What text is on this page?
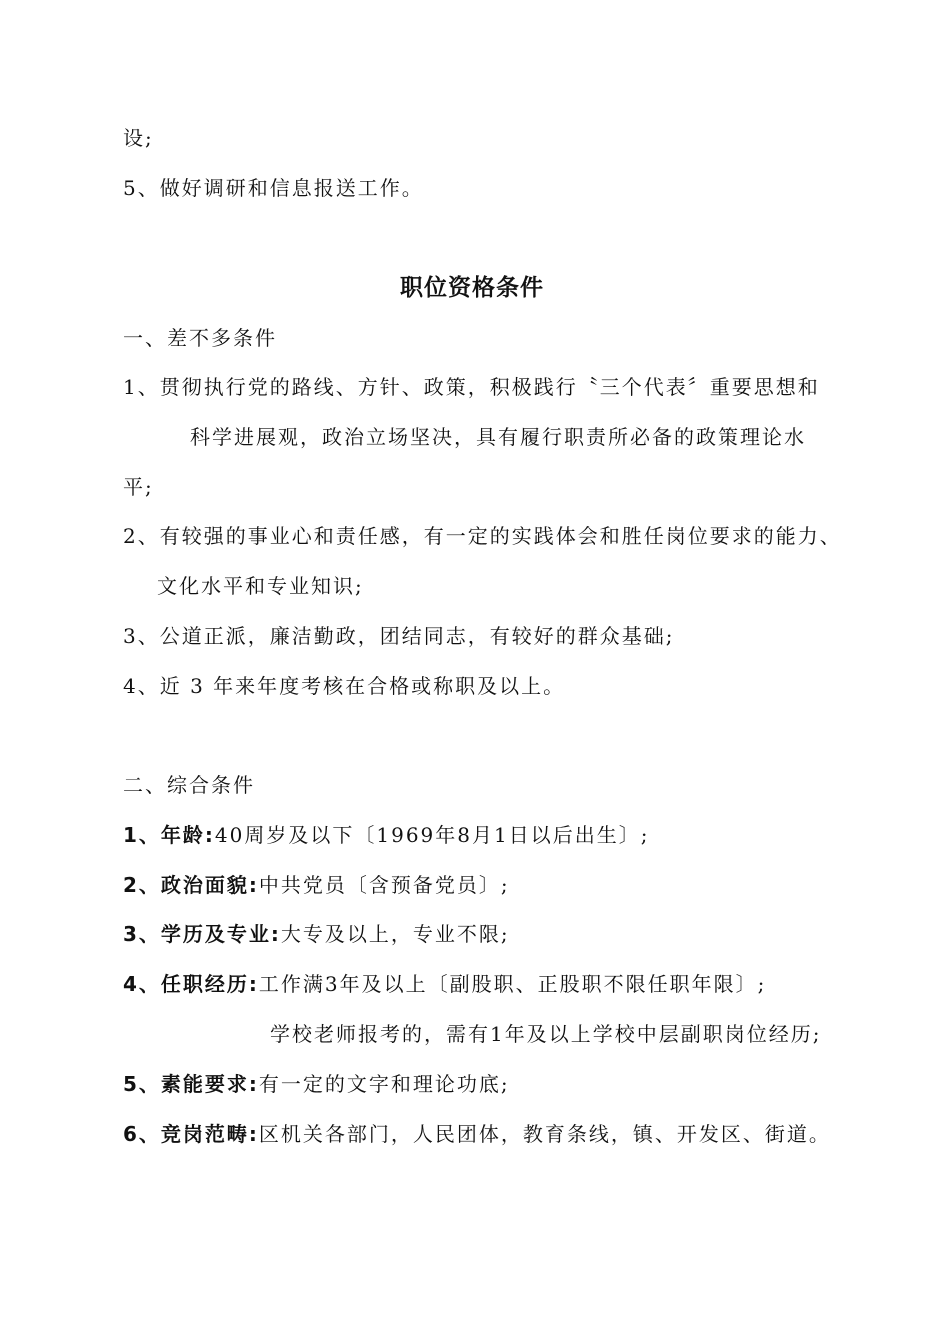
设;
5、做好调研和信息报送工作。
职位资格条件
一、差不多条件
1、贯彻执行党的路线、方针、政策，积极践行〝三个代表〞重要思想和
科学进展观，政治立场坚决，具有履行职责所必备的政策理论水
平;
2、有较强的事业心和责任感，有一定的实践体会和胜任岗位要求的能力、
文化水平和专业知识;
3、公道正派，廉洁勤政，团结同志，有较好的群众基础;
4、近 3 年来年度考核在合格或称职及以上。
二、综合条件
1、年龄:40周岁及以下〔1969年8月1日以后出生〕;
2、政治面貌:中共党员〔含预备党员〕;
3、学历及专业:大专及以上，专业不限;
4、任职经历:工作满3年及以上〔副股职、正股职不限任职年限〕;
学校老师报考的，需有1年及以上学校中层副职岗位经历;
5、素能要求:有一定的文字和理论功底;
6、竞岗范畴:区机关各部门，人民团体，教育条线，镇、开发区、街道。
